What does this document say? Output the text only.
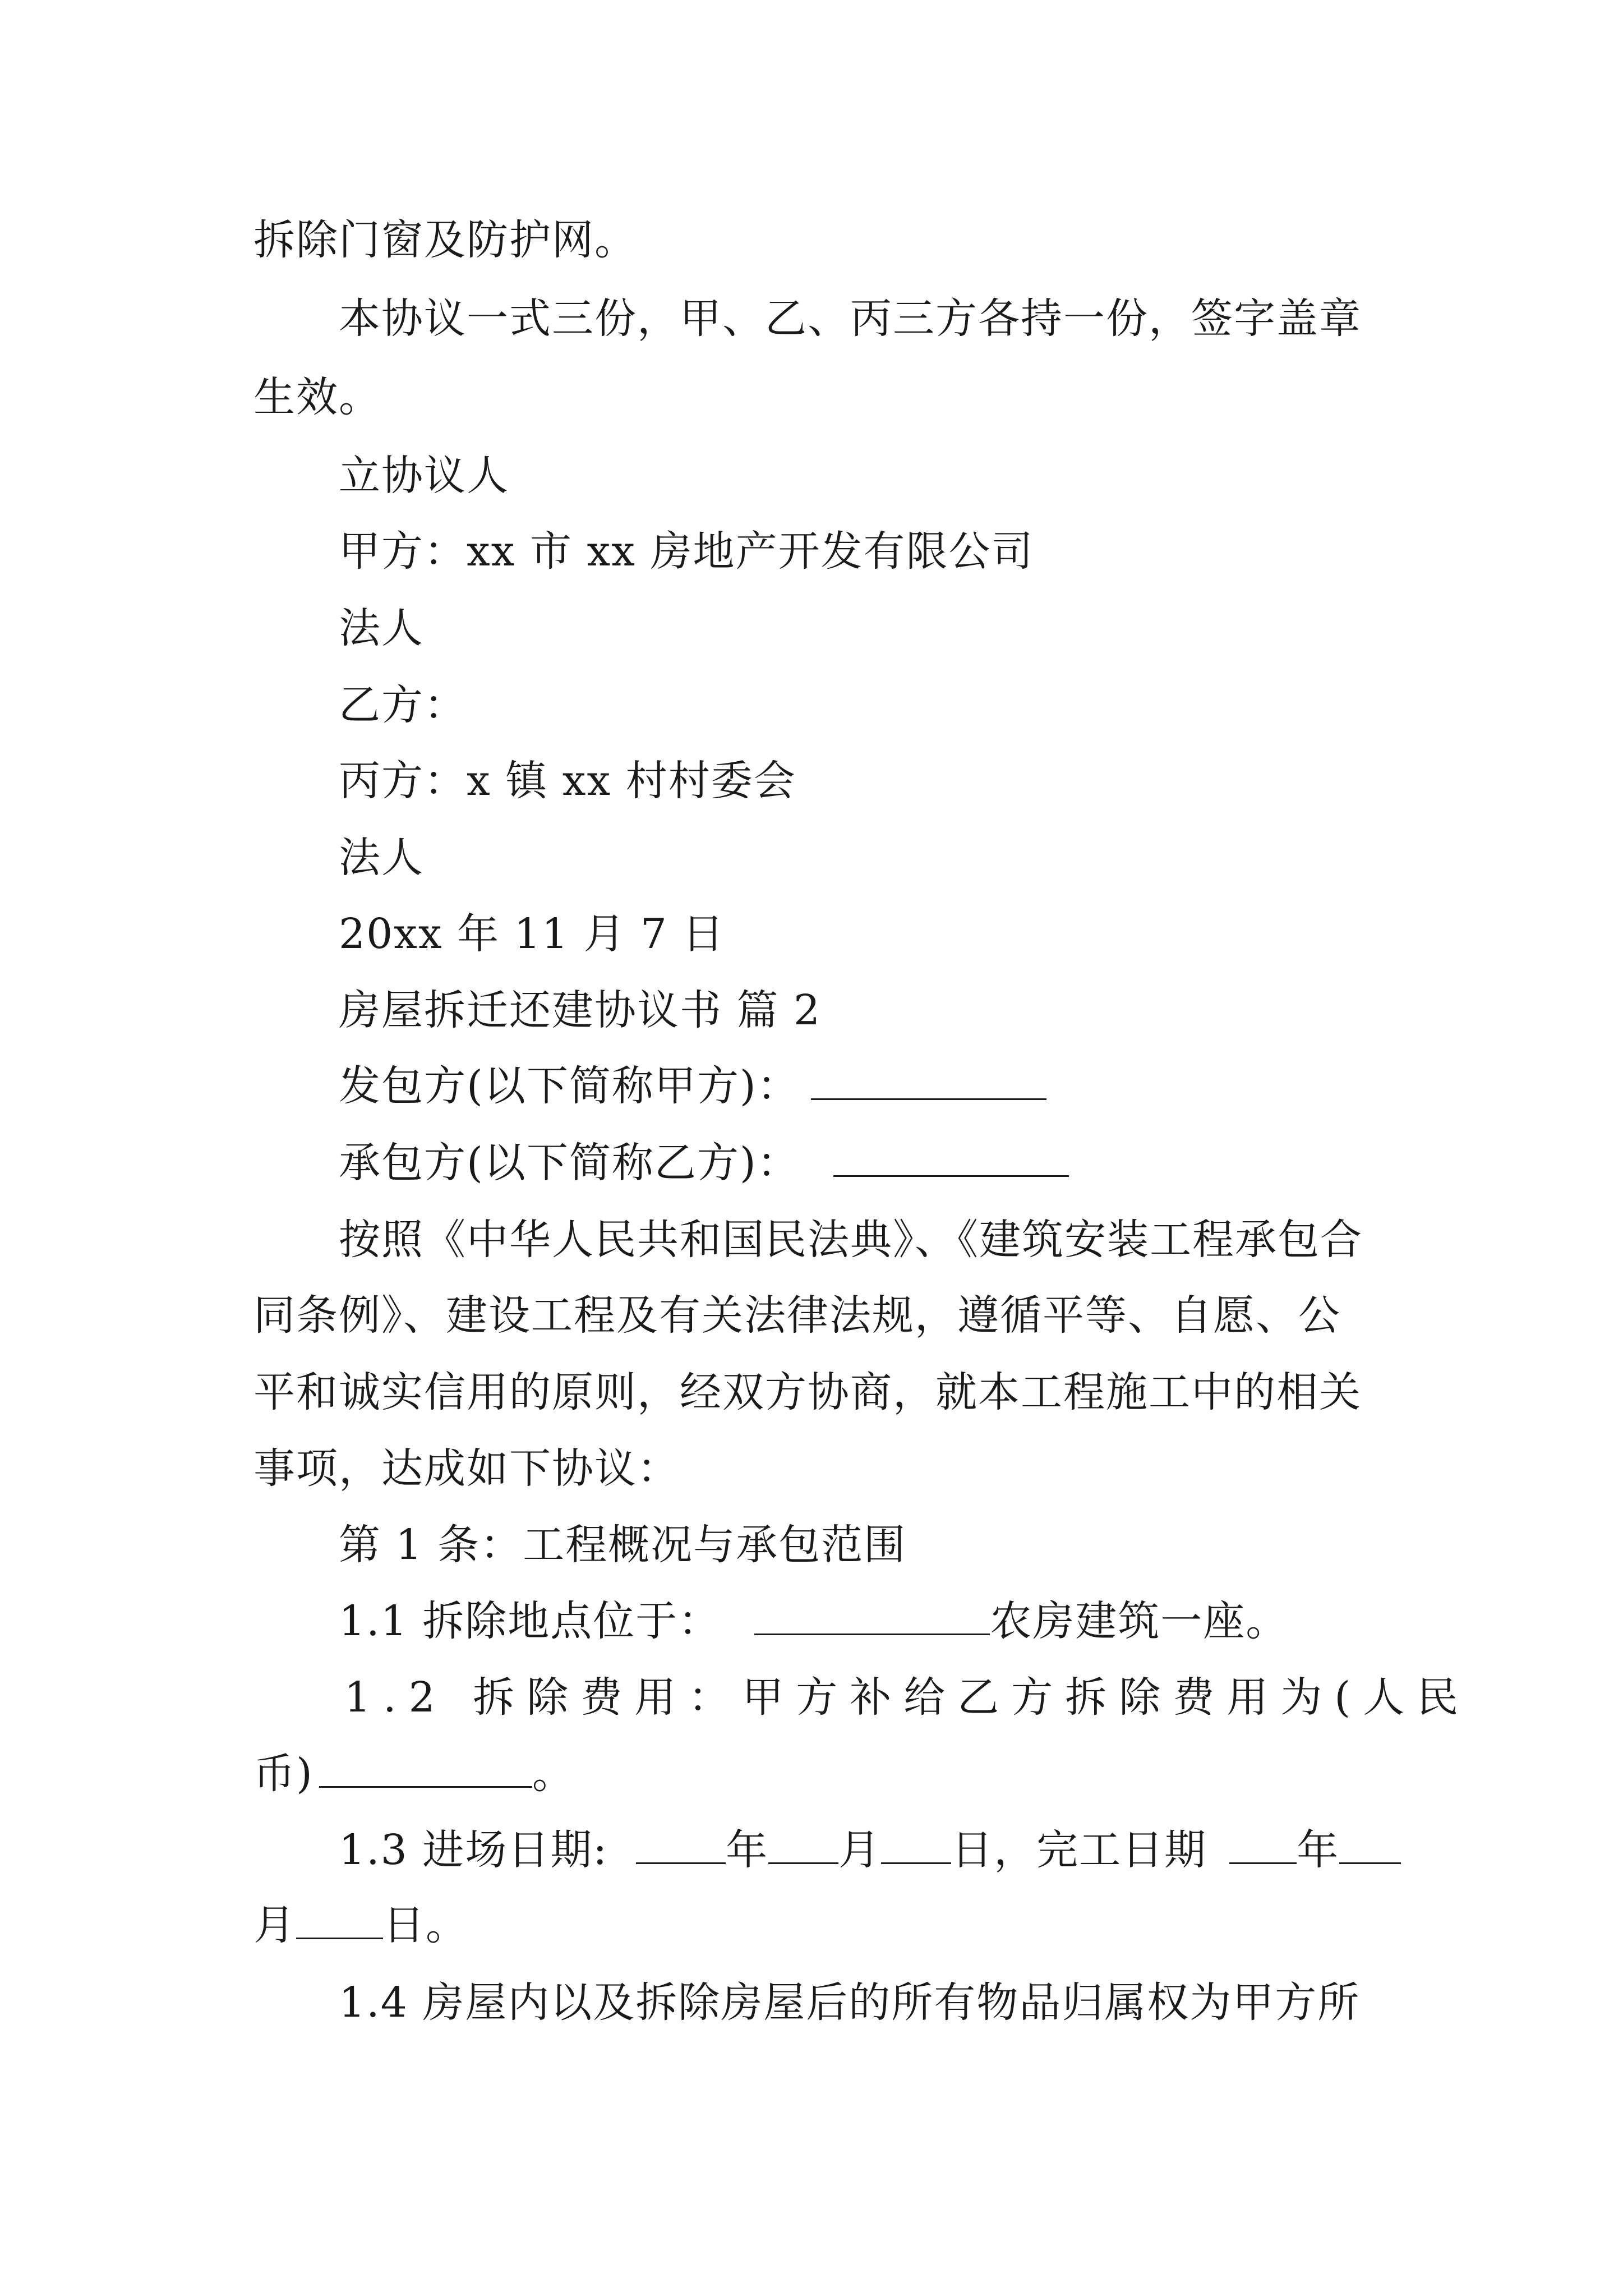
拆除门窗及防护网。
本协议一式三份，甲、乙、丙三方各持一份，签字盖章
生效。
立协议人
甲方：xx 市 xx 房地产开发有限公司
法人
乙方：
丙方：x 镇 xx 村村委会
法人
20xx 年 11 月 7 日
房屋拆迁还建协议书 篇 2
发包方(以下简称甲方)：
承包方(以下简称乙方)：
按照《中华人民共和国民法典》、《建筑安装工程承包合
同条例》、建设工程及有关法律法规，遵循平等、自愿、公
平和诚实信用的原则，经双方协商，就本工程施工中的相关
事项，达成如下协议：
第 1 条：工程概况与承包范围
1.1 拆除地点位于：	农房建筑一座。
1.2 拆除费用：甲方补给乙方拆除费用为(人民
币)	。
1.3 进场日期:	年 月 日，完工日期 年
月 日。
1.4 房屋内以及拆除房屋后的所有物品归属权为甲方所
